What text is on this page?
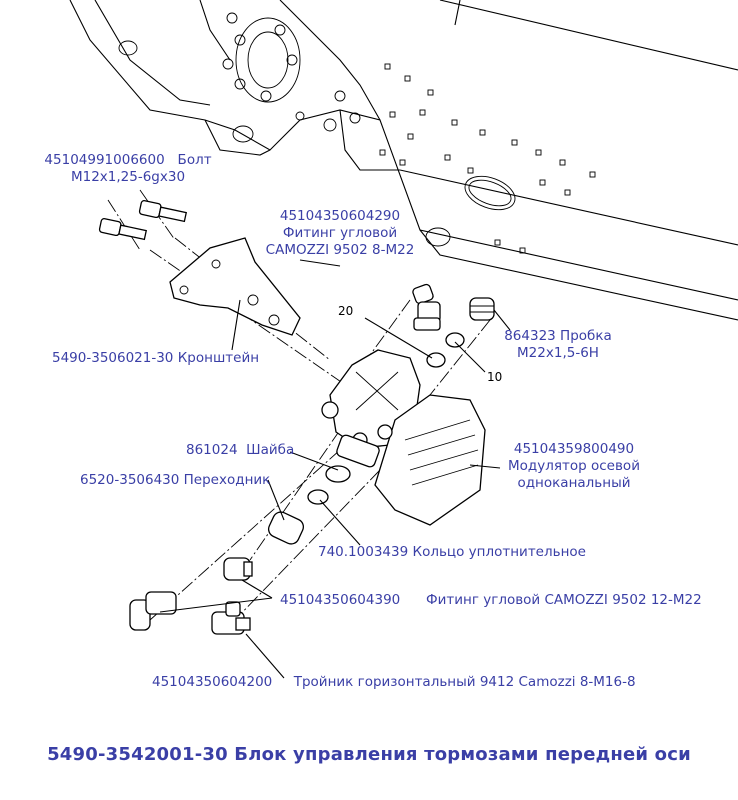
45104991006600 Болт
M12x1,25-6gx30
45104350604290
Фитинг угловой
CAMOZZI 9502 8-M22
864323 Пробка
M22x1,5-6H
5490-3506021-30 Кронштейн
861024 Шайба	45104359800490
Модулятор осевой
одноканальный
6520-3506430 Переходник
740.1003439 Кольцо уплотнительное
45104350604390 Фитинг угловой CAMOZZI 9502 12-M22
45104350604200 Тройник горизонтальный 9412 Camozzi 8-M16-8
20
10
5490-3542001-30 Блок управления тормозами передней оси
